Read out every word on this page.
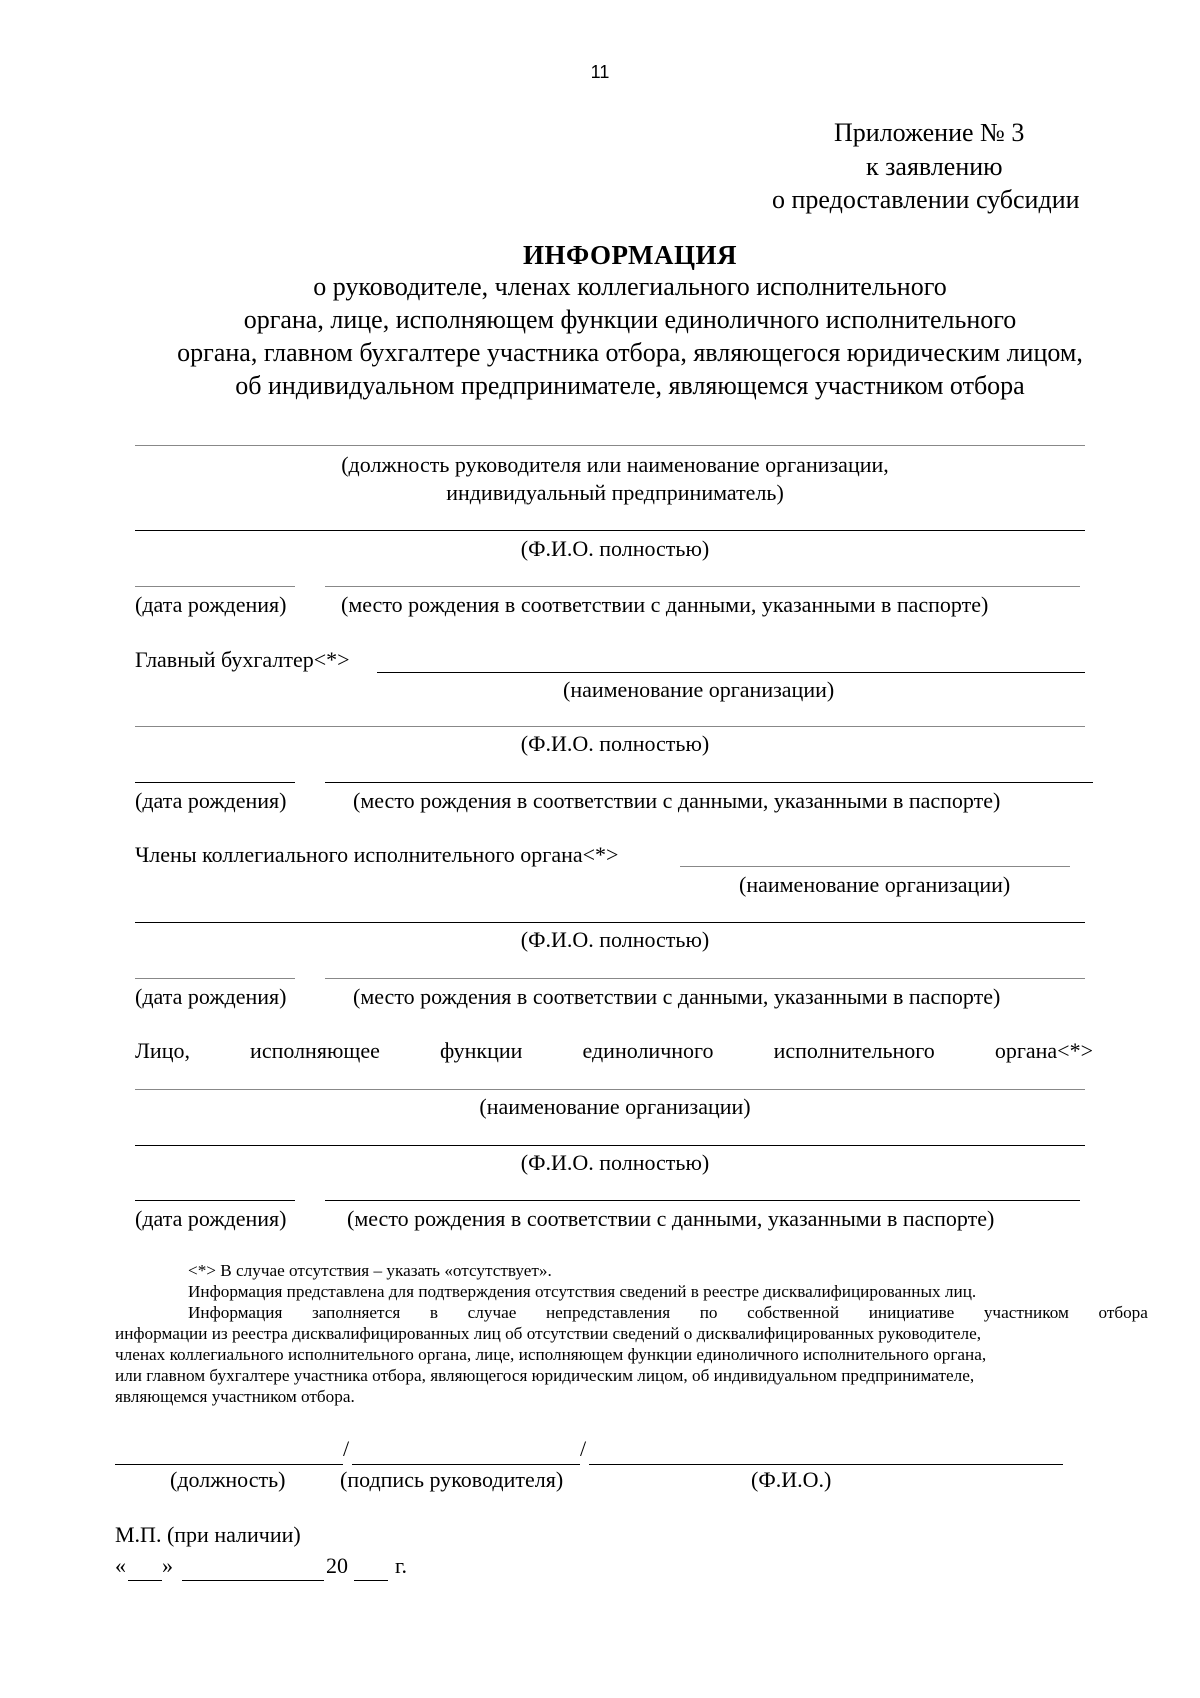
11
Приложение № 3
к заявлению
о предоставлении субсидии
ИНФОРМАЦИЯ
о руководителе, членах коллегиального исполнительного
органа, лице, исполняющем функции единоличного исполнительного
органа, главном бухгалтере участника отбора, являющегося юридическим лицом,
об индивидуальном предпринимателе, являющемся участником отбора
(должность руководителя или наименование организации,
индивидуальный предприниматель)
(Ф.И.О. полностью)
(дата рождения) (место рождения в соответствии с данными, указанными в паспорте)
Главный бухгалтер<*>
(наименование организации)
(Ф.И.О. полностью)
(дата рождения)	(место рождения в соответствии с данными, указанными в паспорте)
Члены коллегиального исполнительного органа<*>
(наименование организации)
(Ф.И.О. полностью)
(дата рождения)	(место рождения в соответствии с данными, указанными в паспорте)
Лицо,	исполняющее	функции	единоличного	исполнительного	органа<*>
(наименование организации)
(Ф.И.О. полностью)
(дата рождения)	(место рождения в соответствии с данными, указанными в паспорте)
<*> В случае отсутствия – указать «отсутствует».
Информация представлена для подтверждения отсутствия сведений в реестре дисквалифицированных лиц.
Информация заполняется в случае непредставления по собственной инициативе участником отбора
информации из реестра дисквалифицированных лиц об отсутствии сведений о дисквалифицированных руководителе,
членах коллегиального исполнительного органа, лице, исполняющем функции единоличного исполнительного органа,
или главном бухгалтере участника отбора, являющегося юридическим лицом, об индивидуальном предпринимателе,
являющемся участником отбора.
/	/
(должность) (подпись руководителя)	(Ф.И.О.)
М.П. (при наличии)
« »	20 г.
